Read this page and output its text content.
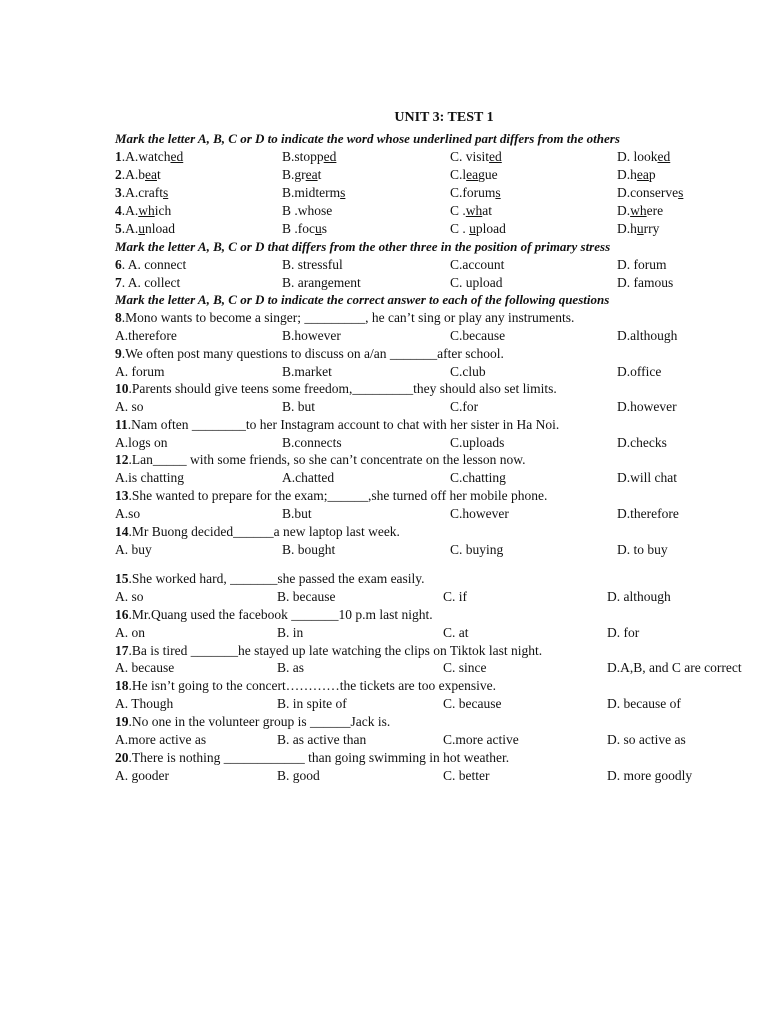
UNIT 3: TEST 1
Mark the letter A, B, C or D to indicate the word whose underlined part differs from the others
1.A.watched	B.stopped	C. visited	D. looked
2.A.beat	B.great	C.league	D.heap
3.A.crafts	B.midterms	C.forums	D.conserves
4.A.which	B .whose	C .what	D.where
5.A.unload	B .focus	C . upload	D.hurry
Mark the letter A, B, C or D that differs from the other three in the position of primary stress
6. A. connect	B. stressful	C.account	D. forum
7. A. collect	B. arangement	C. upload	D. famous
Mark the letter A, B, C or D to indicate the correct answer to each of the following questions
8.Mono wants to become a singer; _________, he can’t sing or play any instruments.
A.therefore	B.however	C.because	D.although
9.We often post many questions to discuss on a/an _______after school.
A. forum	B.market	C.club	D.office
10.Parents should give teens some freedom,_________they should also set limits.
A. so	B. but	C.for	D.however
11.Nam often ________to her Instagram account to chat with her sister in Ha Noi.
A.logs on	B.connects	C.uploads	D.checks
12.Lan_____ with some friends, so she can’t concentrate on the lesson now.
A.is chatting	A.chatted	C.chatting	D.will chat
13.She wanted to prepare for the exam;______,she turned off her mobile phone.
A.so	B.but	C.however	D.therefore
14.Mr Buong decided______a new laptop last week.
A. buy	B. bought	C. buying	D. to buy
15.She worked hard, _______she passed the exam easily.
A. so	B. because	C. if	D. although
16.Mr.Quang used the facebook _______10 p.m last night.
A. on	B. in	C. at	D. for
17.Ba is tired _______he stayed up late watching the clips on Tiktok last night.
A. because	B. as	C. since	D.A,B, and C are correct
18.He isn’t going to the concert…………the tickets are too expensive.
A. Though	B. in spite of	C. because	D. because of
19.No one in the volunteer group is ______Jack is.
A.more active as	B. as active than	C.more active	D. so active as
20.There is nothing ____________ than going swimming in hot weather.
A. gooder	B. good	C. better	D. more goodly
